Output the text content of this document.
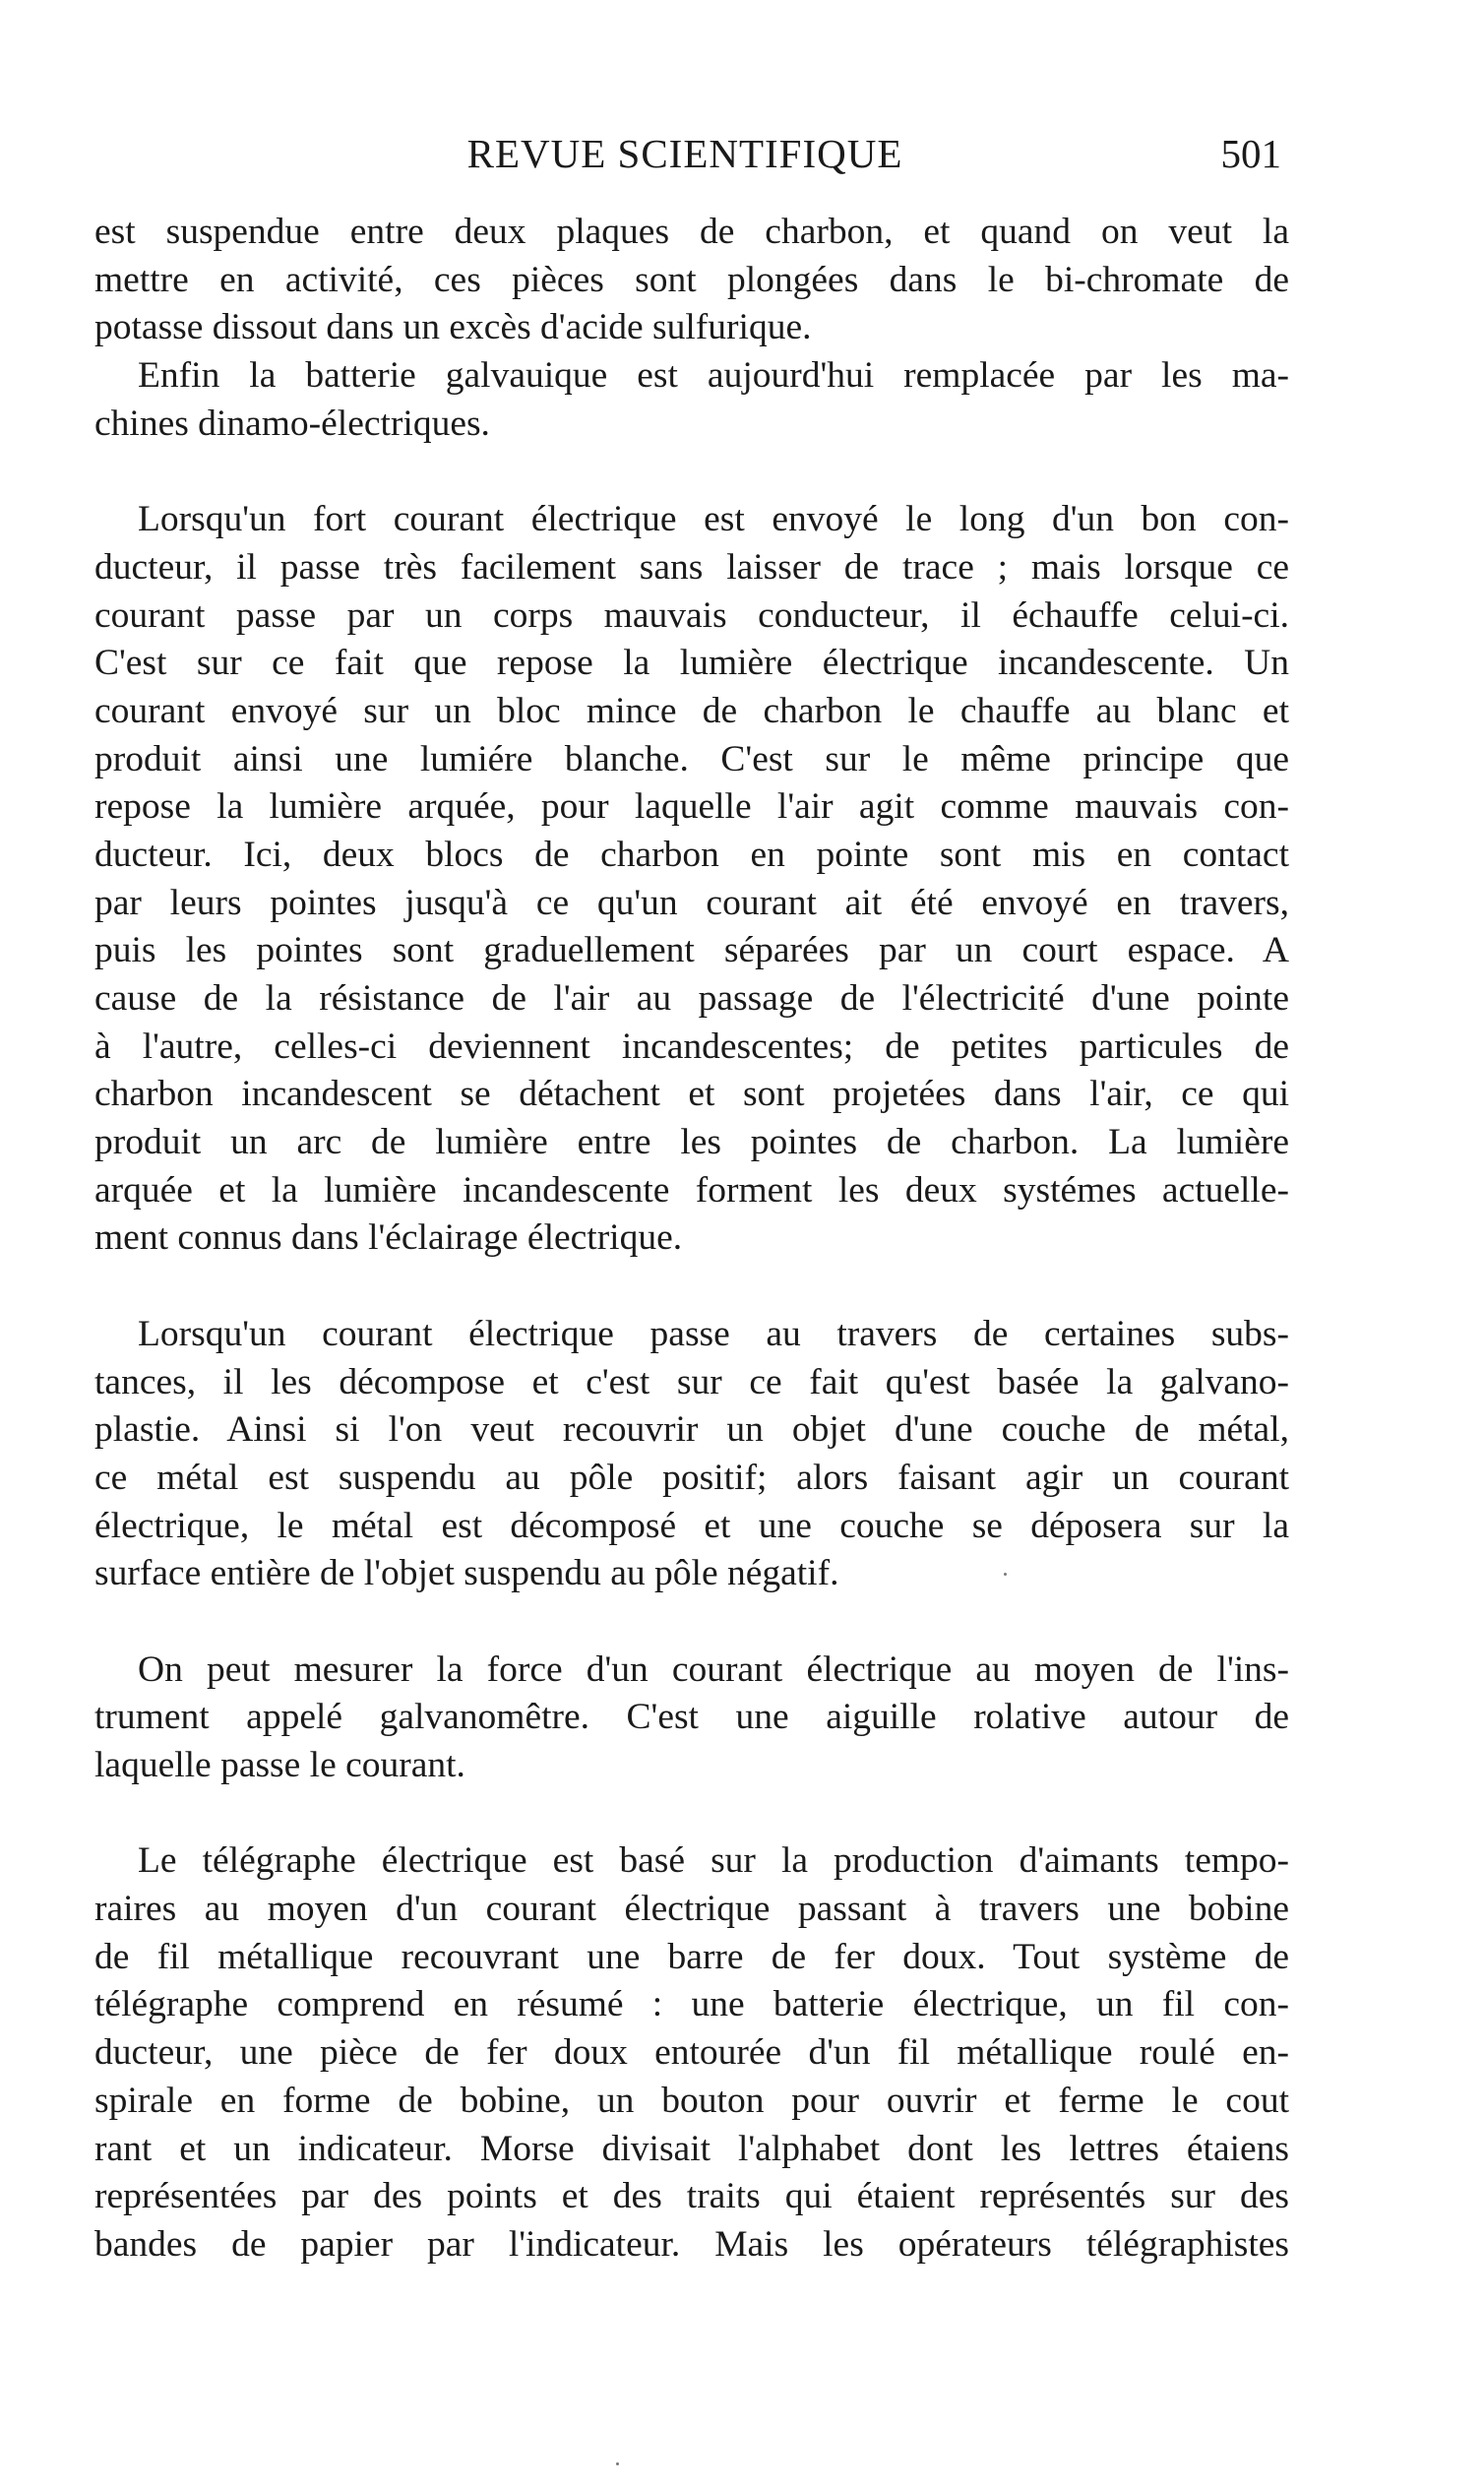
REVUE SCIENTIFIQUE	501
est suspendue entre deux plaques de charbon, et quand on veut la
mettre en activité, ces pièces sont plongées dans le bi-chromate de
potasse dissout dans un excès d'acide sulfurique.
Enfin la batterie galvauique est aujourd'hui remplacée par les ma-
chines dinamo-électriques.
Lorsqu'un fort courant électrique est envoyé le long d'un bon con-
ducteur, il passe très facilement sans laisser de trace ; mais lorsque ce
courant passe par un corps mauvais conducteur, il échauffe celui-ci.
C'est sur ce fait que repose la lumière électrique incandescente. Un
courant envoyé sur un bloc mince de charbon le chauffe au blanc et
produit ainsi une lumiére blanche. C'est sur le même principe que
repose la lumière arquée, pour laquelle l'air agit comme mauvais con-
ducteur. Ici, deux blocs de charbon en pointe sont mis en contact
par leurs pointes jusqu'à ce qu'un courant ait été envoyé en travers,
puis les pointes sont graduellement séparées par un court espace. A
cause de la résistance de l'air au passage de l'électricité d'une pointe
à l'autre, celles-ci deviennent incandescentes; de petites particules de
charbon incandescent se détachent et sont projetées dans l'air, ce qui
produit un arc de lumière entre les pointes de charbon. La lumière
arquée et la lumière incandescente forment les deux systémes actuelle-
ment connus dans l'éclairage électrique.
Lorsqu'un courant électrique passe au travers de certaines subs-
tances, il les décompose et c'est sur ce fait qu'est basée la galvano-
plastie. Ainsi si l'on veut recouvrir un objet d'une couche de métal,
ce métal est suspendu au pôle positif; alors faisant agir un courant
électrique, le métal est décomposé et une couche se déposera sur la
surface entière de l'objet suspendu au pôle négatif.
On peut mesurer la force d'un courant électrique au moyen de l'ins-
trument appelé galvanomêtre. C'est une aiguille rolative autour de
laquelle passe le courant.
Le télégraphe électrique est basé sur la production d'aimants tempo-
raires au moyen d'un courant électrique passant à travers une bobine
de fil métallique recouvrant une barre de fer doux. Tout système de
télégraphe comprend en résumé : une batterie électrique, un fil con-
ducteur, une pièce de fer doux entourée d'un fil métallique roulé en-
spirale en forme de bobine, un bouton pour ouvrir et ferme le cout
rant et un indicateur. Morse divisait l'alphabet dont les lettres étaiens
représentées par des points et des traits qui étaient représentés sur des
bandes de papier par l'indicateur. Mais les opérateurs télégraphistes
